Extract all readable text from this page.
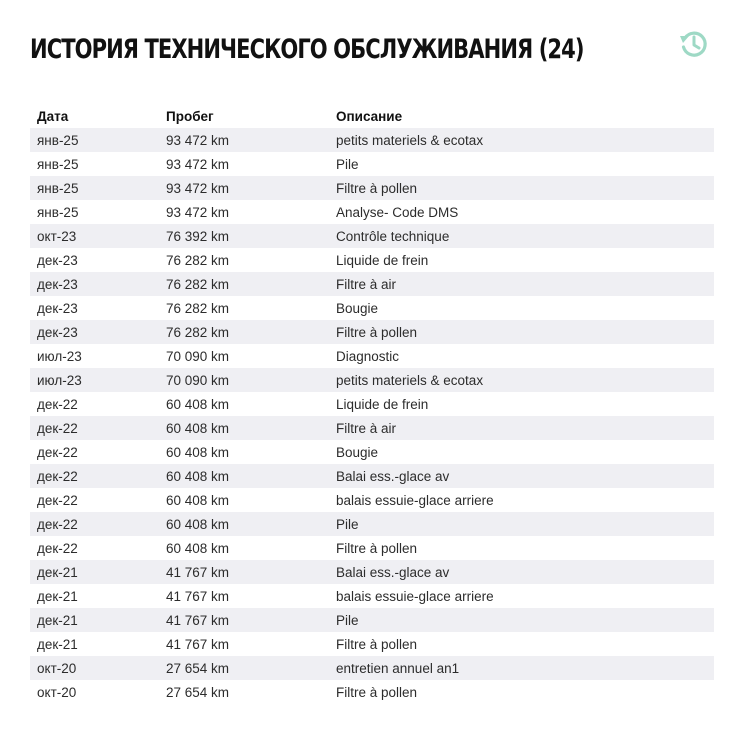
ИСТОРИЯ ТЕХНИЧЕСКОГО ОБСЛУЖИВАНИЯ (24)
Дата	Пробег	Описание
янв-25	93 472 km	petits materiels & ecotax
янв-25	93 472 km	Pile
янв-25	93 472 km	Filtre à pollen
янв-25	93 472 km	Analyse- Code DMS
окт-23	76 392 km	Contrôle technique
дек-23	76 282 km	Liquide de frein
дек-23	76 282 km	Filtre à air
дек-23	76 282 km	Bougie
дек-23	76 282 km	Filtre à pollen
июл-23	70 090 km	Diagnostic
июл-23	70 090 km	petits materiels & ecotax
дек-22	60 408 km	Liquide de frein
дек-22	60 408 km	Filtre à air
дек-22	60 408 km	Bougie
дек-22	60 408 km	Balai ess.-glace av
дек-22	60 408 km	balais essuie-glace arriere
дек-22	60 408 km	Pile
дек-22	60 408 km	Filtre à pollen
дек-21	41 767 km	Balai ess.-glace av
дек-21	41 767 km	balais essuie-glace arriere
дек-21	41 767 km	Pile
дек-21	41 767 km	Filtre à pollen
окт-20	27 654 km	entretien annuel an1
окт-20	27 654 km	Filtre à pollen
